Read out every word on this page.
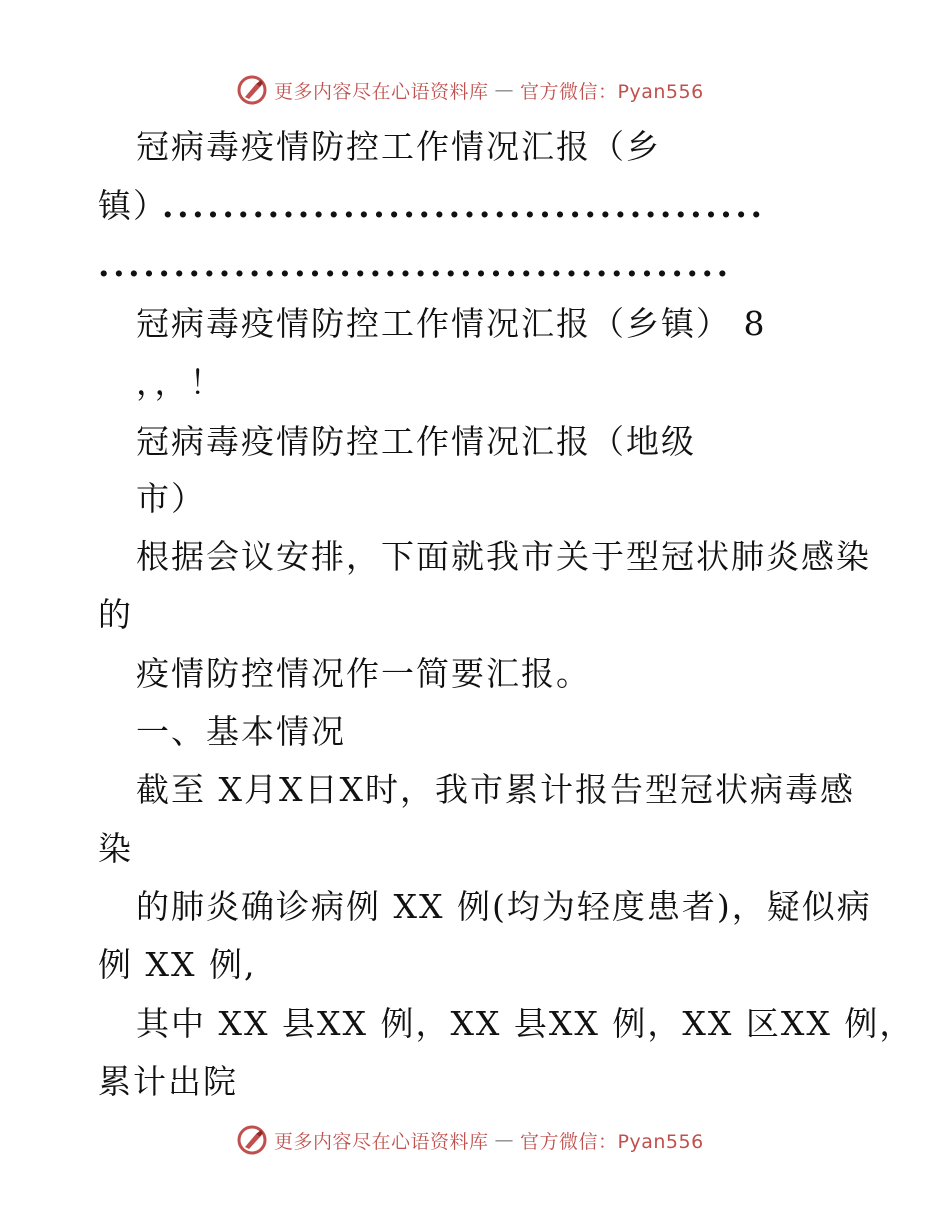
更多内容尽在心语资料库 — 官方微信：Pyan556
冠病毒疫情防控工作情况汇报（乡
镇）
........................................
..........................................
冠病毒疫情防控工作情况汇报（乡镇） 8
，，！
冠病毒疫情防控工作情况汇报（地级
市）
根据会议安排，下面就我市关于型冠状肺炎感染
的
疫情防控情况作一简要汇报。
一、基本情况
截至 X月X日X时，我市累计报告型冠状病毒感
染
的肺炎确诊病例 XX 例(均为轻度患者)，疑似病
例 XX 例,
其中 XX 县XX 例，XX 县XX 例，XX 区XX 例，
累计出院
更多内容尽在心语资料库 — 官方微信：Pyan556
